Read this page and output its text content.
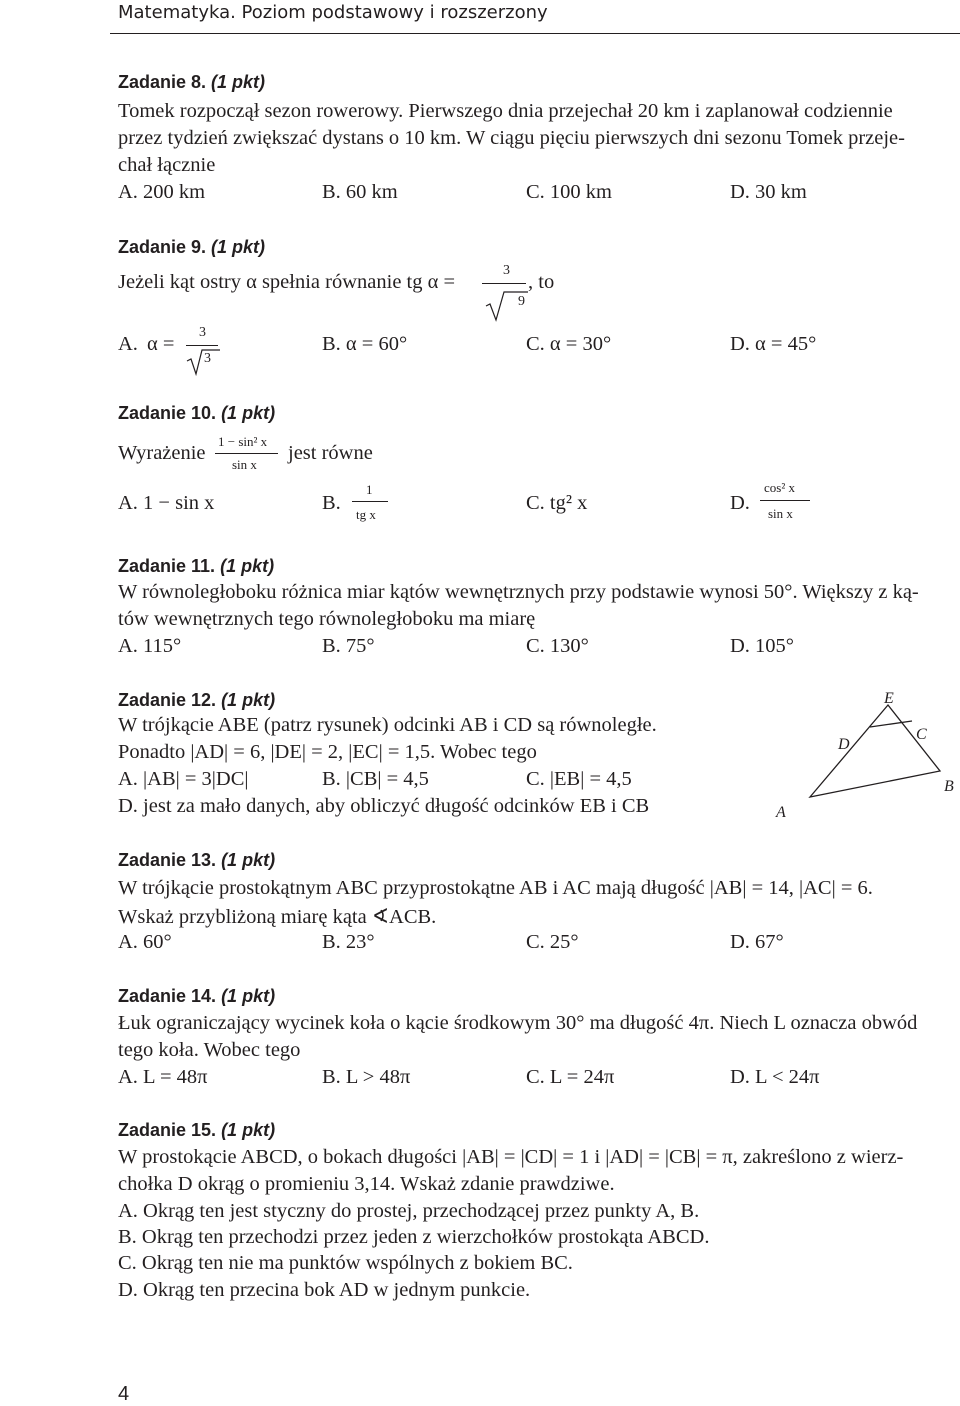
Matematyka. Poziom podstawowy i rozszerzony
Zadanie 8. (1 pkt)
Tomek rozpoczął sezon rowerowy. Pierwszego dnia przejechał 20 km i zaplanował codziennie
przez tydzień zwiększać dystans o 10 km. W ciągu pięciu pierwszych dni sezonu Tomek przeje-
chał łącznie
A. 200 km	B. 60 km	C. 100 km	D. 30 km
Zadanie 9. (1 pkt)
Jeżeli kąt ostry α spełnia równanie tg α =
3
9
, to
A. α =
3
3
B. α = 60°	C. α = 30°	D. α = 45°
Zadanie 10. (1 pkt)
Wyrażenie
1 − sin² x
sin x
jest równe
A. 1 − sin x	B.
1
tg x
C. tg² x	D.
cos² x
sin x
Zadanie 11. (1 pkt)
W równoległoboku różnica miar kątów wewnętrznych przy podstawie wynosi 50°. Większy z ką-
tów wewnętrznych tego równoległoboku ma miarę
A. 115°	B. 75°	C. 130°	D. 105°
Zadanie 12. (1 pkt)
W trójkącie ABE (patrz rysunek) odcinki AB i CD są równoległe.
Ponadto |AD| = 6, |DE| = 2, |EC| = 1,5. Wobec tego
A. |AB| = 3|DC|	B. |CB| = 4,5	C. |EB| = 4,5
D. jest za mało danych, aby obliczyć długość odcinków EB i CB
E
C
D
B
A
Zadanie 13. (1 pkt)
W trójkącie prostokątnym ABC przyprostokątne AB i AC mają długość |AB| = 14, |AC| = 6.
Wskaż przybliżoną miarę kąta ∢ACB.
A. 60°	B. 23°	C. 25°	D. 67°
Zadanie 14. (1 pkt)
Łuk ograniczający wycinek koła o kącie środkowym 30° ma długość 4π. Niech L oznacza obwód
tego koła. Wobec tego
A. L = 48π	B. L > 48π	C. L = 24π	D. L < 24π
Zadanie 15. (1 pkt)
W prostokącie ABCD, o bokach długości |AB| = |CD| = 1 i |AD| = |CB| = π, zakreślono z wierz-
chołka D okrąg o promieniu 3,14. Wskaż zdanie prawdziwe.
A. Okrąg ten jest styczny do prostej, przechodzącej przez punkty A, B.
B. Okrąg ten przechodzi przez jeden z wierzchołków prostokąta ABCD.
C. Okrąg ten nie ma punktów wspólnych z bokiem BC.
D. Okrąg ten przecina bok AD w jednym punkcie.
4
